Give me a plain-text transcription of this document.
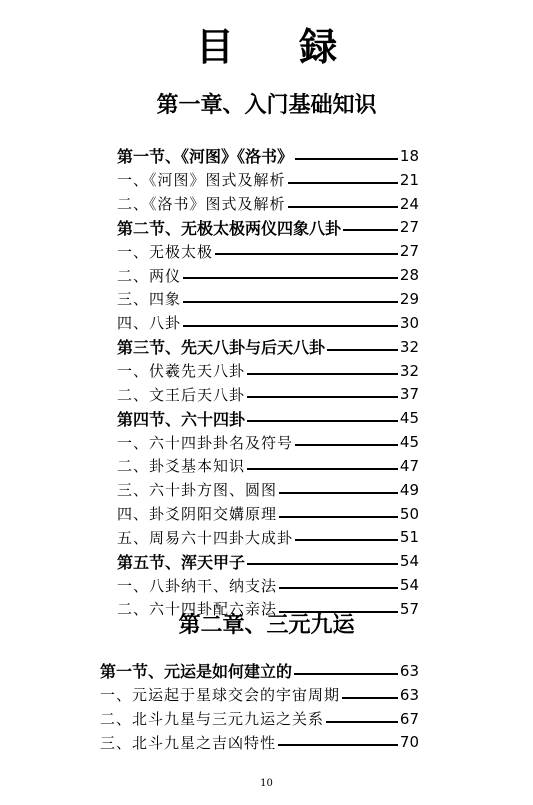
目 録
第一章、入门基础知识
第一节、《河图》《洛书》	18
一、《河图》图式及解析	21
二、《洛书》图式及解析	24
第二节、无极太极两仪四象八卦	27
一、无极太极	27
二、两仪	28
三、四象	29
四、八卦	30
第三节、先天八卦与后天八卦	32
一、伏羲先天八卦	32
二、文王后天八卦	37
第四节、六十四卦	45
一、六十四卦卦名及符号	45
二、卦爻基本知识	47
三、六十卦方图、圆图	49
四、卦爻阴阳交媾原理	50
五、周易六十四卦大成卦	51
第五节、浑天甲子	54
一、八卦纳干、纳支法	54
二、六十四卦配六亲法	57
第二章、三元九运
第一节、元运是如何建立的	63
一、元运起于星球交会的宇宙周期	63
二、北斗九星与三元九运之关系	67
三、北斗九星之吉凶特性	70
10
